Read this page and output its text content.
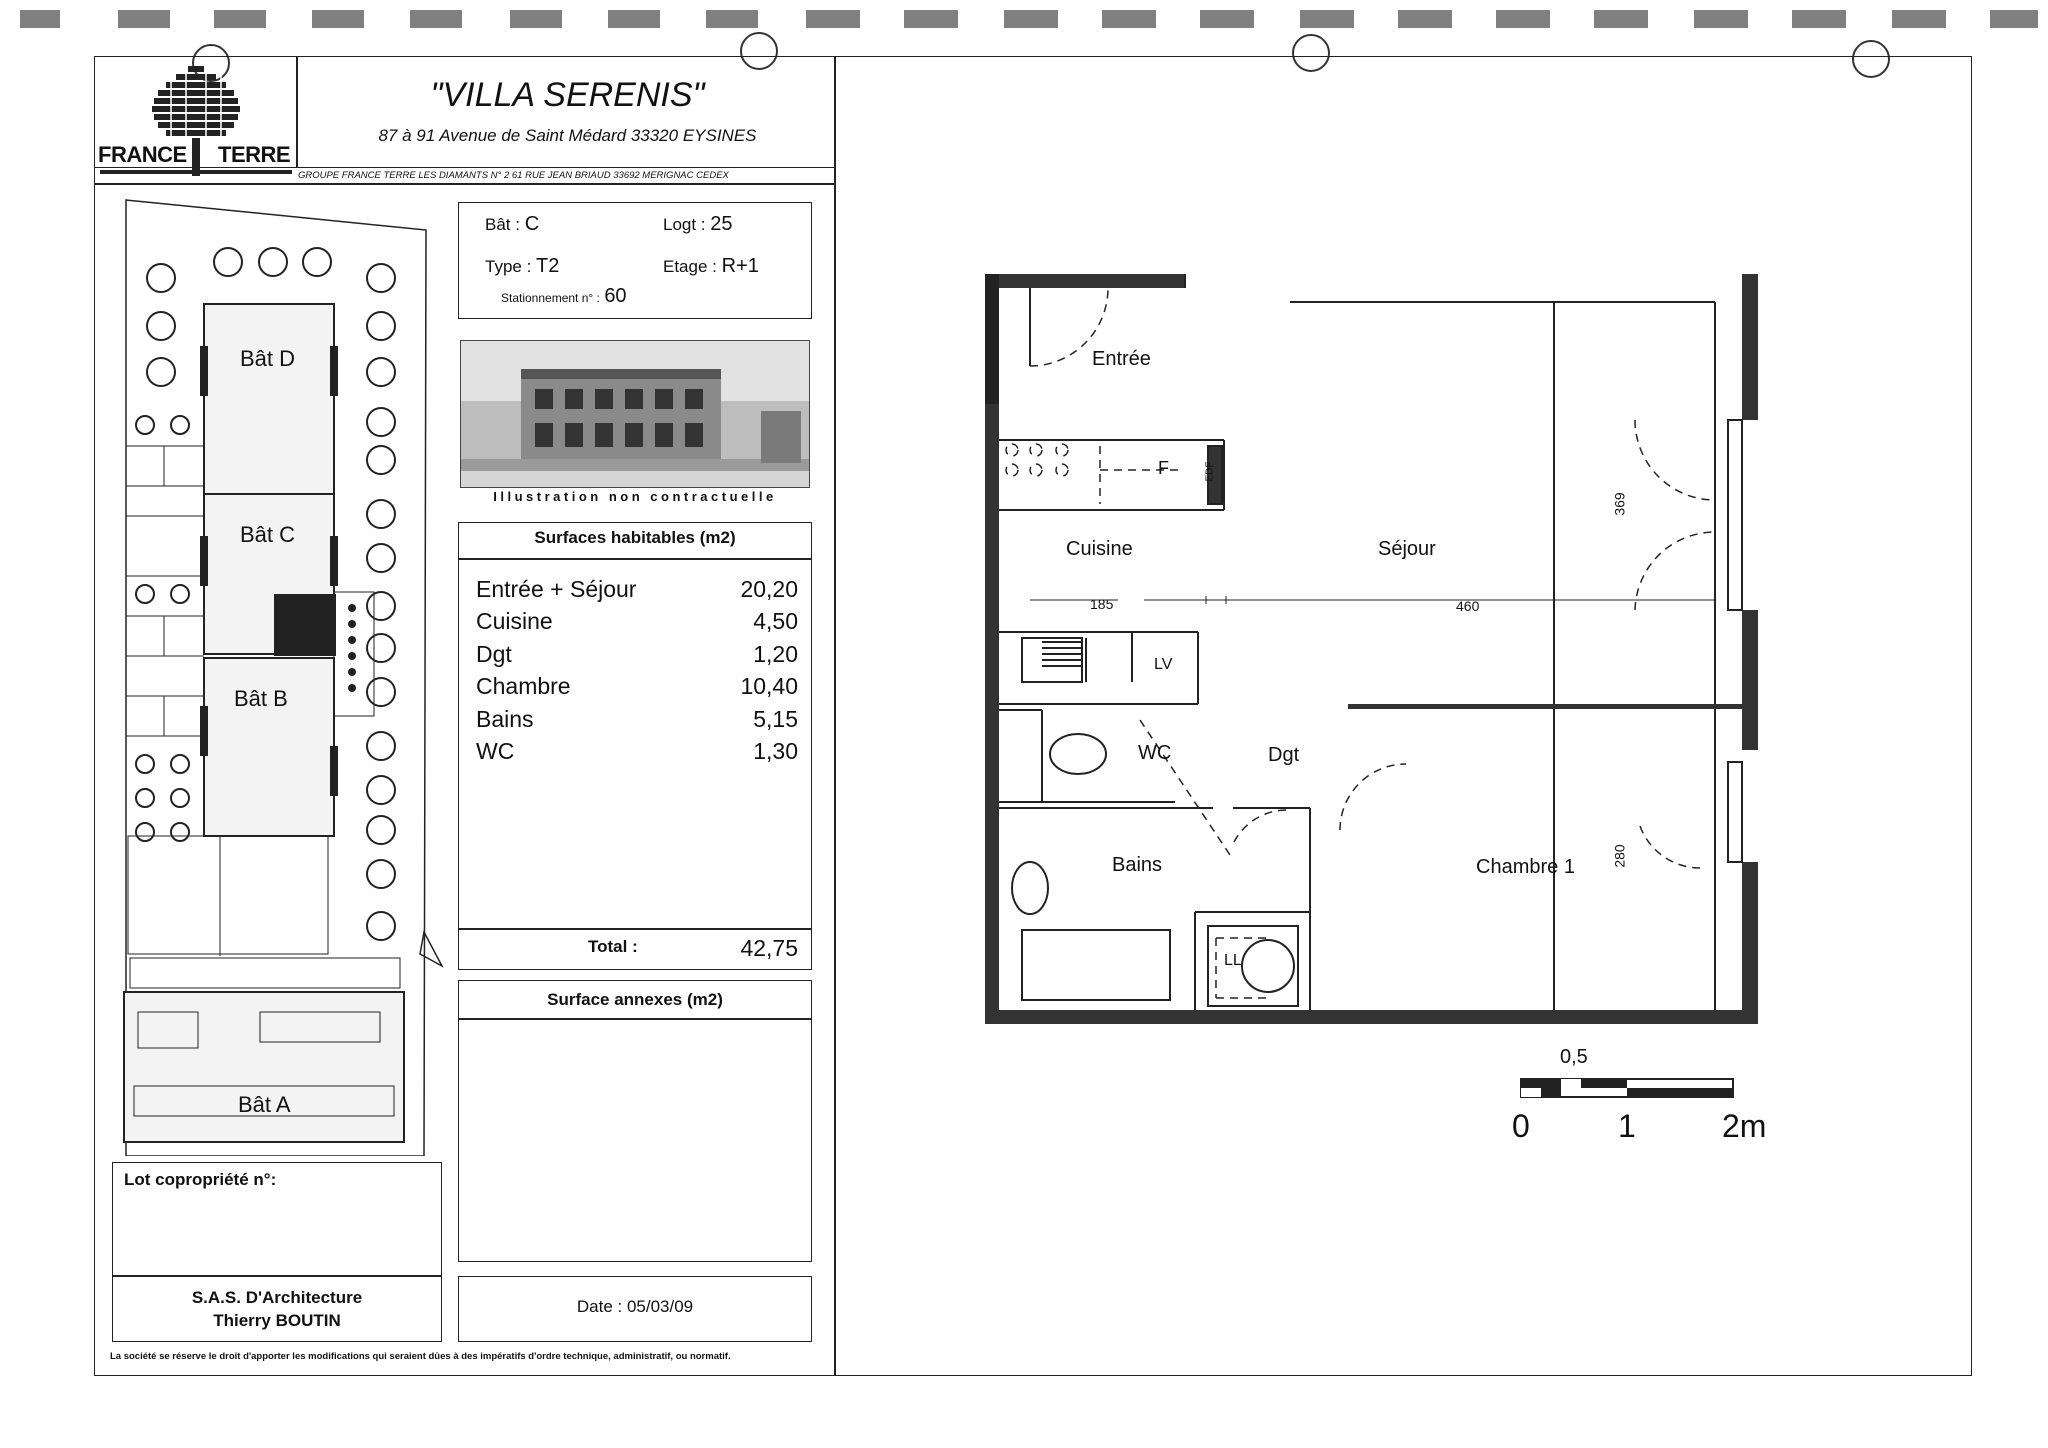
FRANCE TERRE
"VILLA SERENIS"
87 à 91 Avenue de Saint Médard 33320 EYSINES
GROUPE FRANCE TERRE LES DIAMANTS N° 2 61 RUE JEAN BRIAUD 33692 MERIGNAC CEDEX
Bât D
Bât C
Bât B
Bât A
Bât : C	Logt : 25
Type : T2	Etage : R+1
Stationnement n° : 60
Illustration non contractuelle
Surfaces habitables (m2)
Entrée + Séjour	20,20
Cuisine	4,50
Dgt	1,20
Chambre	10,40
Bains	5,15
WC	1,30
Total :	42,75
Surface annexes (m2)
Lot copropriété n°:
S.A.S. D'Architecture
Thierry BOUTIN
Date : 05/03/09
La société se réserve le droit d'apporter les modifications qui seraient dûes à des impératifs d'ordre technique, administratif, ou normatif.
Entrée
Cuisine	Séjour
WC	Dgt
Bains	Chambre 1
F	EDF
LV
LL
185	460
369
280
0,5
0	1	2m
